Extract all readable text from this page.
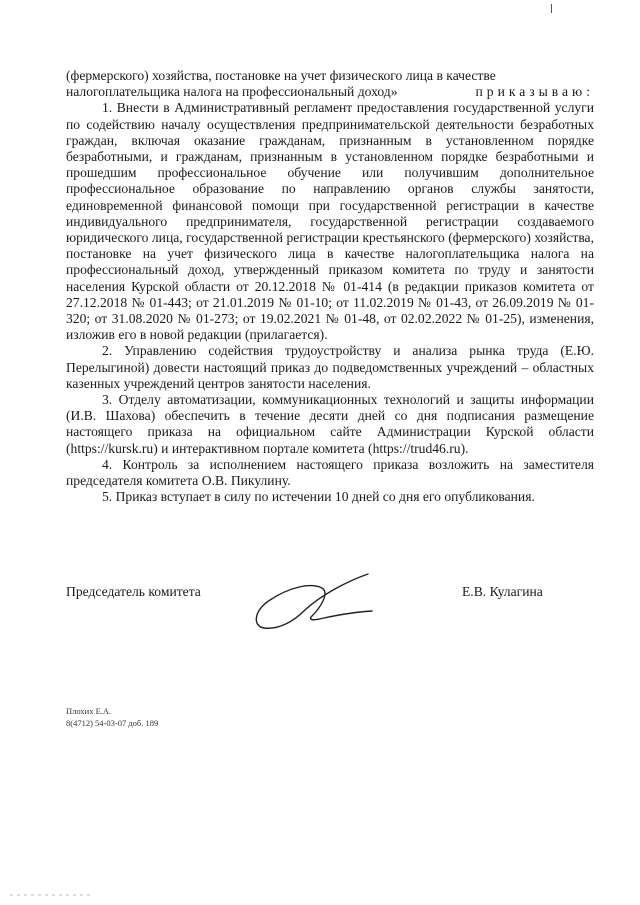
(фермерского) хозяйства, постановке на учет физического лица в качестве

приказываю:
налогоплательщика налога на профессиональный доход»

1. Внести в Административный регламент предоставления государственной услуги по содействию началу осуществления предпринимательской деятельности безработных граждан, включая оказание гражданам, признанным в установленном порядке безработными, и гражданам, признанным в установленном порядке безработными и прошедшим профессиональное обучение или получившим дополнительное профессиональное образование по направлению органов службы занятости, единовременной финансовой помощи при государственной регистрации в качестве индивидуального предпринимателя, государственной регистрации создаваемого юридического лица, государственной регистрации крестьянского (фермерского) хозяйства, постановке на учет физического лица в качестве налогоплательщика налога на профессиональный доход, утвержденный приказом комитета по труду и занятости населения Курской области от 20.12.2018 № 01-414 (в редакции приказов комитета от 27.12.2018 № 01-443; от 21.01.2019 № 01-10; от 11.02.2019 № 01-43, от 26.09.2019 № 01-320; от 31.08.2020 № 01-273; от 19.02.2021 № 01-48, от 02.02.2022 № 01-25), изменения, изложив его в новой редакции (прилагается).

2. Управлению содействия трудоустройству и анализа рынка труда (Е.Ю. Перелыгиной) довести настоящий приказ до подведомственных учреждений – областных казенных учреждений центров занятости населения.

3. Отделу автоматизации, коммуникационных технологий и защиты информации (И.В. Шахова) обеспечить в течение десяти дней со дня подписания размещение настоящего приказа на официальном сайте Администрации Курской области (https://kursk.ru) и интерактивном портале комитета (https://trud46.ru).

4. Контроль за исполнением настоящего приказа возложить на заместителя председателя комитета О.В. Пикулину.

5. Приказ вступает в силу по истечении 10 дней со дня его опубликования.

Председатель комитета	Е.В. Кулагина
Плохих Е.А.
8(4712) 54-03-07 доб. 189
